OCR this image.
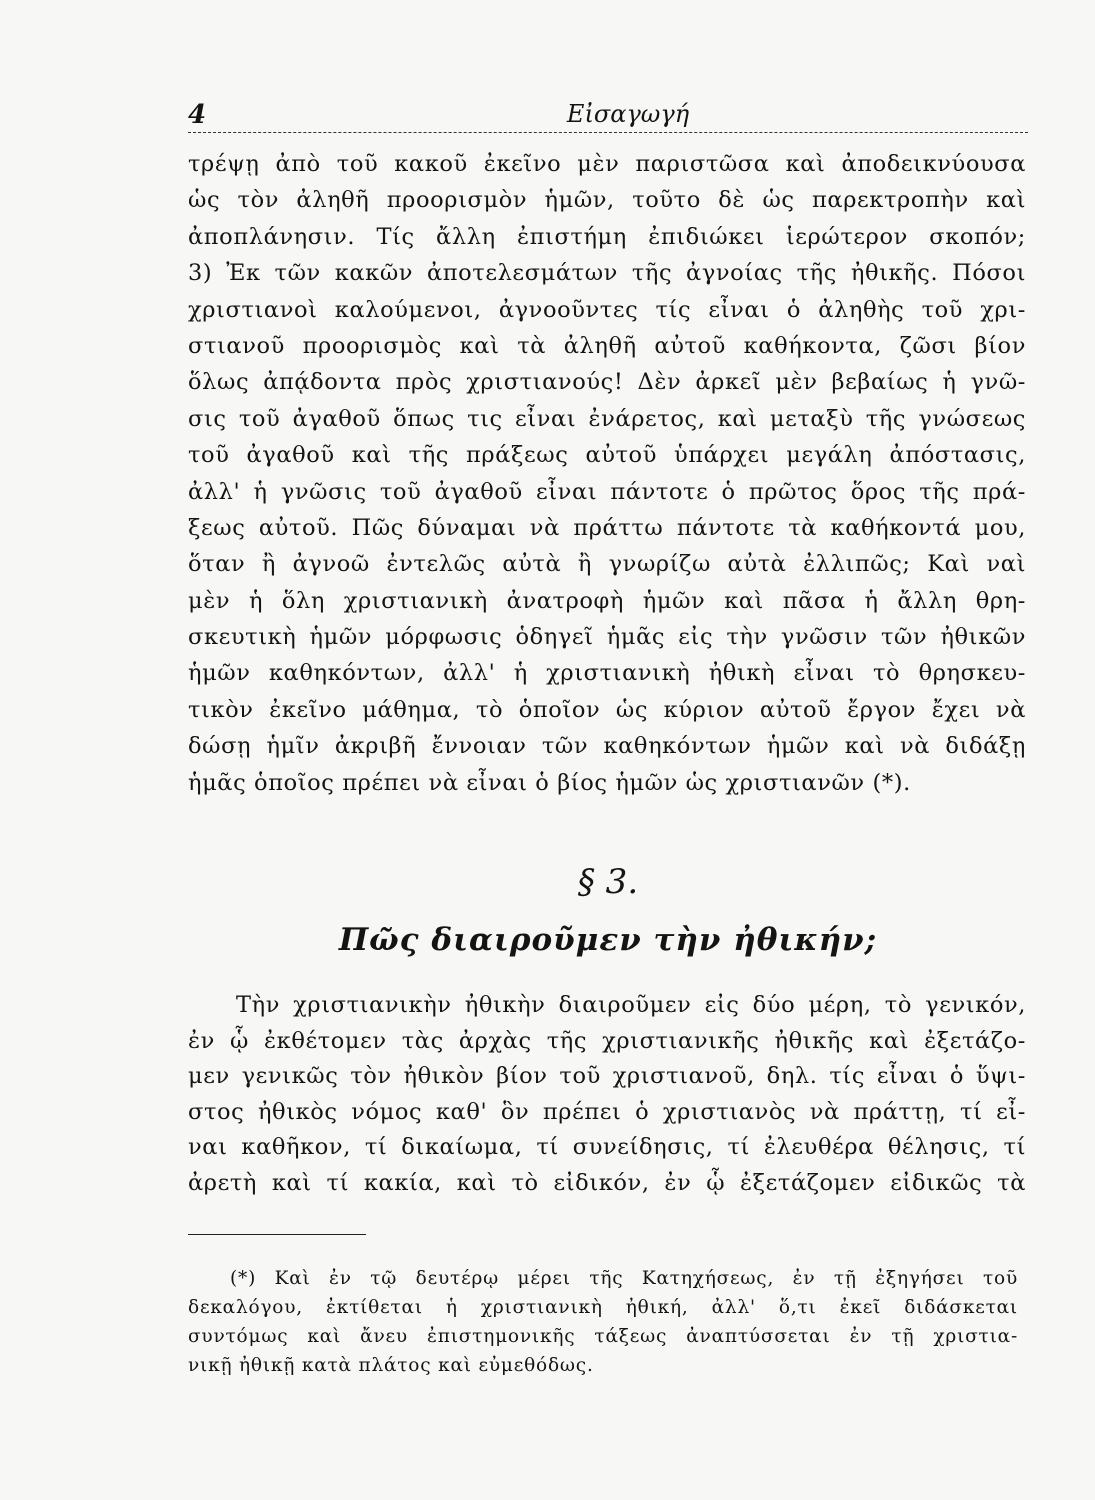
4	Εἰσαγωγή
τρέψῃ ἀπὸ τοῦ κακοῦ ἐκεῖνο μὲν παριστῶσα καὶ ἀποδεικνύουσα
ὡς τὸν ἀληθῆ προορισμὸν ἡμῶν, τοῦτο δὲ ὡς παρεκτροπὴν καὶ
ἀποπλάνησιν. Τίς ἄλλη ἐπιστήμη ἐπιδιώκει ἱερώτερον σκοπόν;
3) Ἐκ τῶν κακῶν ἀποτελεσμάτων τῆς ἀγνοίας τῆς ἠθικῆς. Πόσοι
χριστιανοὶ καλούμενοι, ἀγνοοῦντες τίς εἶναι ὁ ἀληθὴς τοῦ χρι-
στιανοῦ προορισμὸς καὶ τὰ ἀληθῆ αὐτοῦ καθήκοντα, ζῶσι βίον
ὅλως ἀπᾴδοντα πρὸς χριστιανούς! Δὲν ἀρκεῖ μὲν βεβαίως ἡ γνῶ-
σις τοῦ ἀγαθοῦ ὅπως τις εἶναι ἐνάρετος, καὶ μεταξὺ τῆς γνώσεως
τοῦ ἀγαθοῦ καὶ τῆς πράξεως αὐτοῦ ὑπάρχει μεγάλη ἀπόστασις,
ἀλλ' ἡ γνῶσις τοῦ ἀγαθοῦ εἶναι πάντοτε ὁ πρῶτος ὅρος τῆς πρά-
ξεως αὐτοῦ. Πῶς δύναμαι νὰ πράττω πάντοτε τὰ καθήκοντά μου,
ὅταν ἢ ἀγνοῶ ἐντελῶς αὐτὰ ἢ γνωρίζω αὐτὰ ἐλλιπῶς; Καὶ ναὶ
μὲν ἡ ὅλη χριστιανικὴ ἀνατροφὴ ἡμῶν καὶ πᾶσα ἡ ἄλλη θρη-
σκευτικὴ ἡμῶν μόρφωσις ὁδηγεῖ ἡμᾶς εἰς τὴν γνῶσιν τῶν ἠθικῶν
ἡμῶν καθηκόντων, ἀλλ' ἡ χριστιανικὴ ἠθικὴ εἶναι τὸ θρησκευ-
τικὸν ἐκεῖνο μάθημα, τὸ ὁποῖον ὡς κύριον αὐτοῦ ἔργον ἔχει νὰ
δώσῃ ἡμῖν ἀκριβῆ ἔννοιαν τῶν καθηκόντων ἡμῶν καὶ νὰ διδάξῃ
ἡμᾶς ὁποῖος πρέπει νὰ εἶναι ὁ βίος ἡμῶν ὡς χριστιανῶν (*).
§ 3.
Πῶς διαιροῦμεν τὴν ἠθικήν;
Τὴν χριστιανικὴν ἠθικὴν διαιροῦμεν εἰς δύο μέρη, τὸ γενικόν,
ἐν ᾧ ἐκθέτομεν τὰς ἀρχὰς τῆς χριστιανικῆς ἠθικῆς καὶ ἐξετάζο-
μεν γενικῶς τὸν ἠθικὸν βίον τοῦ χριστιανοῦ, δηλ. τίς εἶναι ὁ ὕψι-
στος ἠθικὸς νόμος καθ' ὃν πρέπει ὁ χριστιανὸς νὰ πράττῃ, τί εἶ-
ναι καθῆκον, τί δικαίωμα, τί συνείδησις, τί ἐλευθέρα θέλησις, τί
ἀρετὴ καὶ τί κακία, καὶ τὸ εἰδικόν, ἐν ᾧ ἐξετάζομεν εἰδικῶς τὰ
(*) Καὶ ἐν τῷ δευτέρῳ μέρει τῆς Κατηχήσεως, ἐν τῇ ἐξηγήσει τοῦ
δεκαλόγου, ἐκτίθεται ἡ χριστιανικὴ ἠθική, ἀλλ' ὅ,τι ἐκεῖ διδάσκεται
συντόμως καὶ ἄνευ ἐπιστημονικῆς τάξεως ἀναπτύσσεται ἐν τῇ χριστια-
νικῇ ἠθικῇ κατὰ πλάτος καὶ εὐμεθόδως.
